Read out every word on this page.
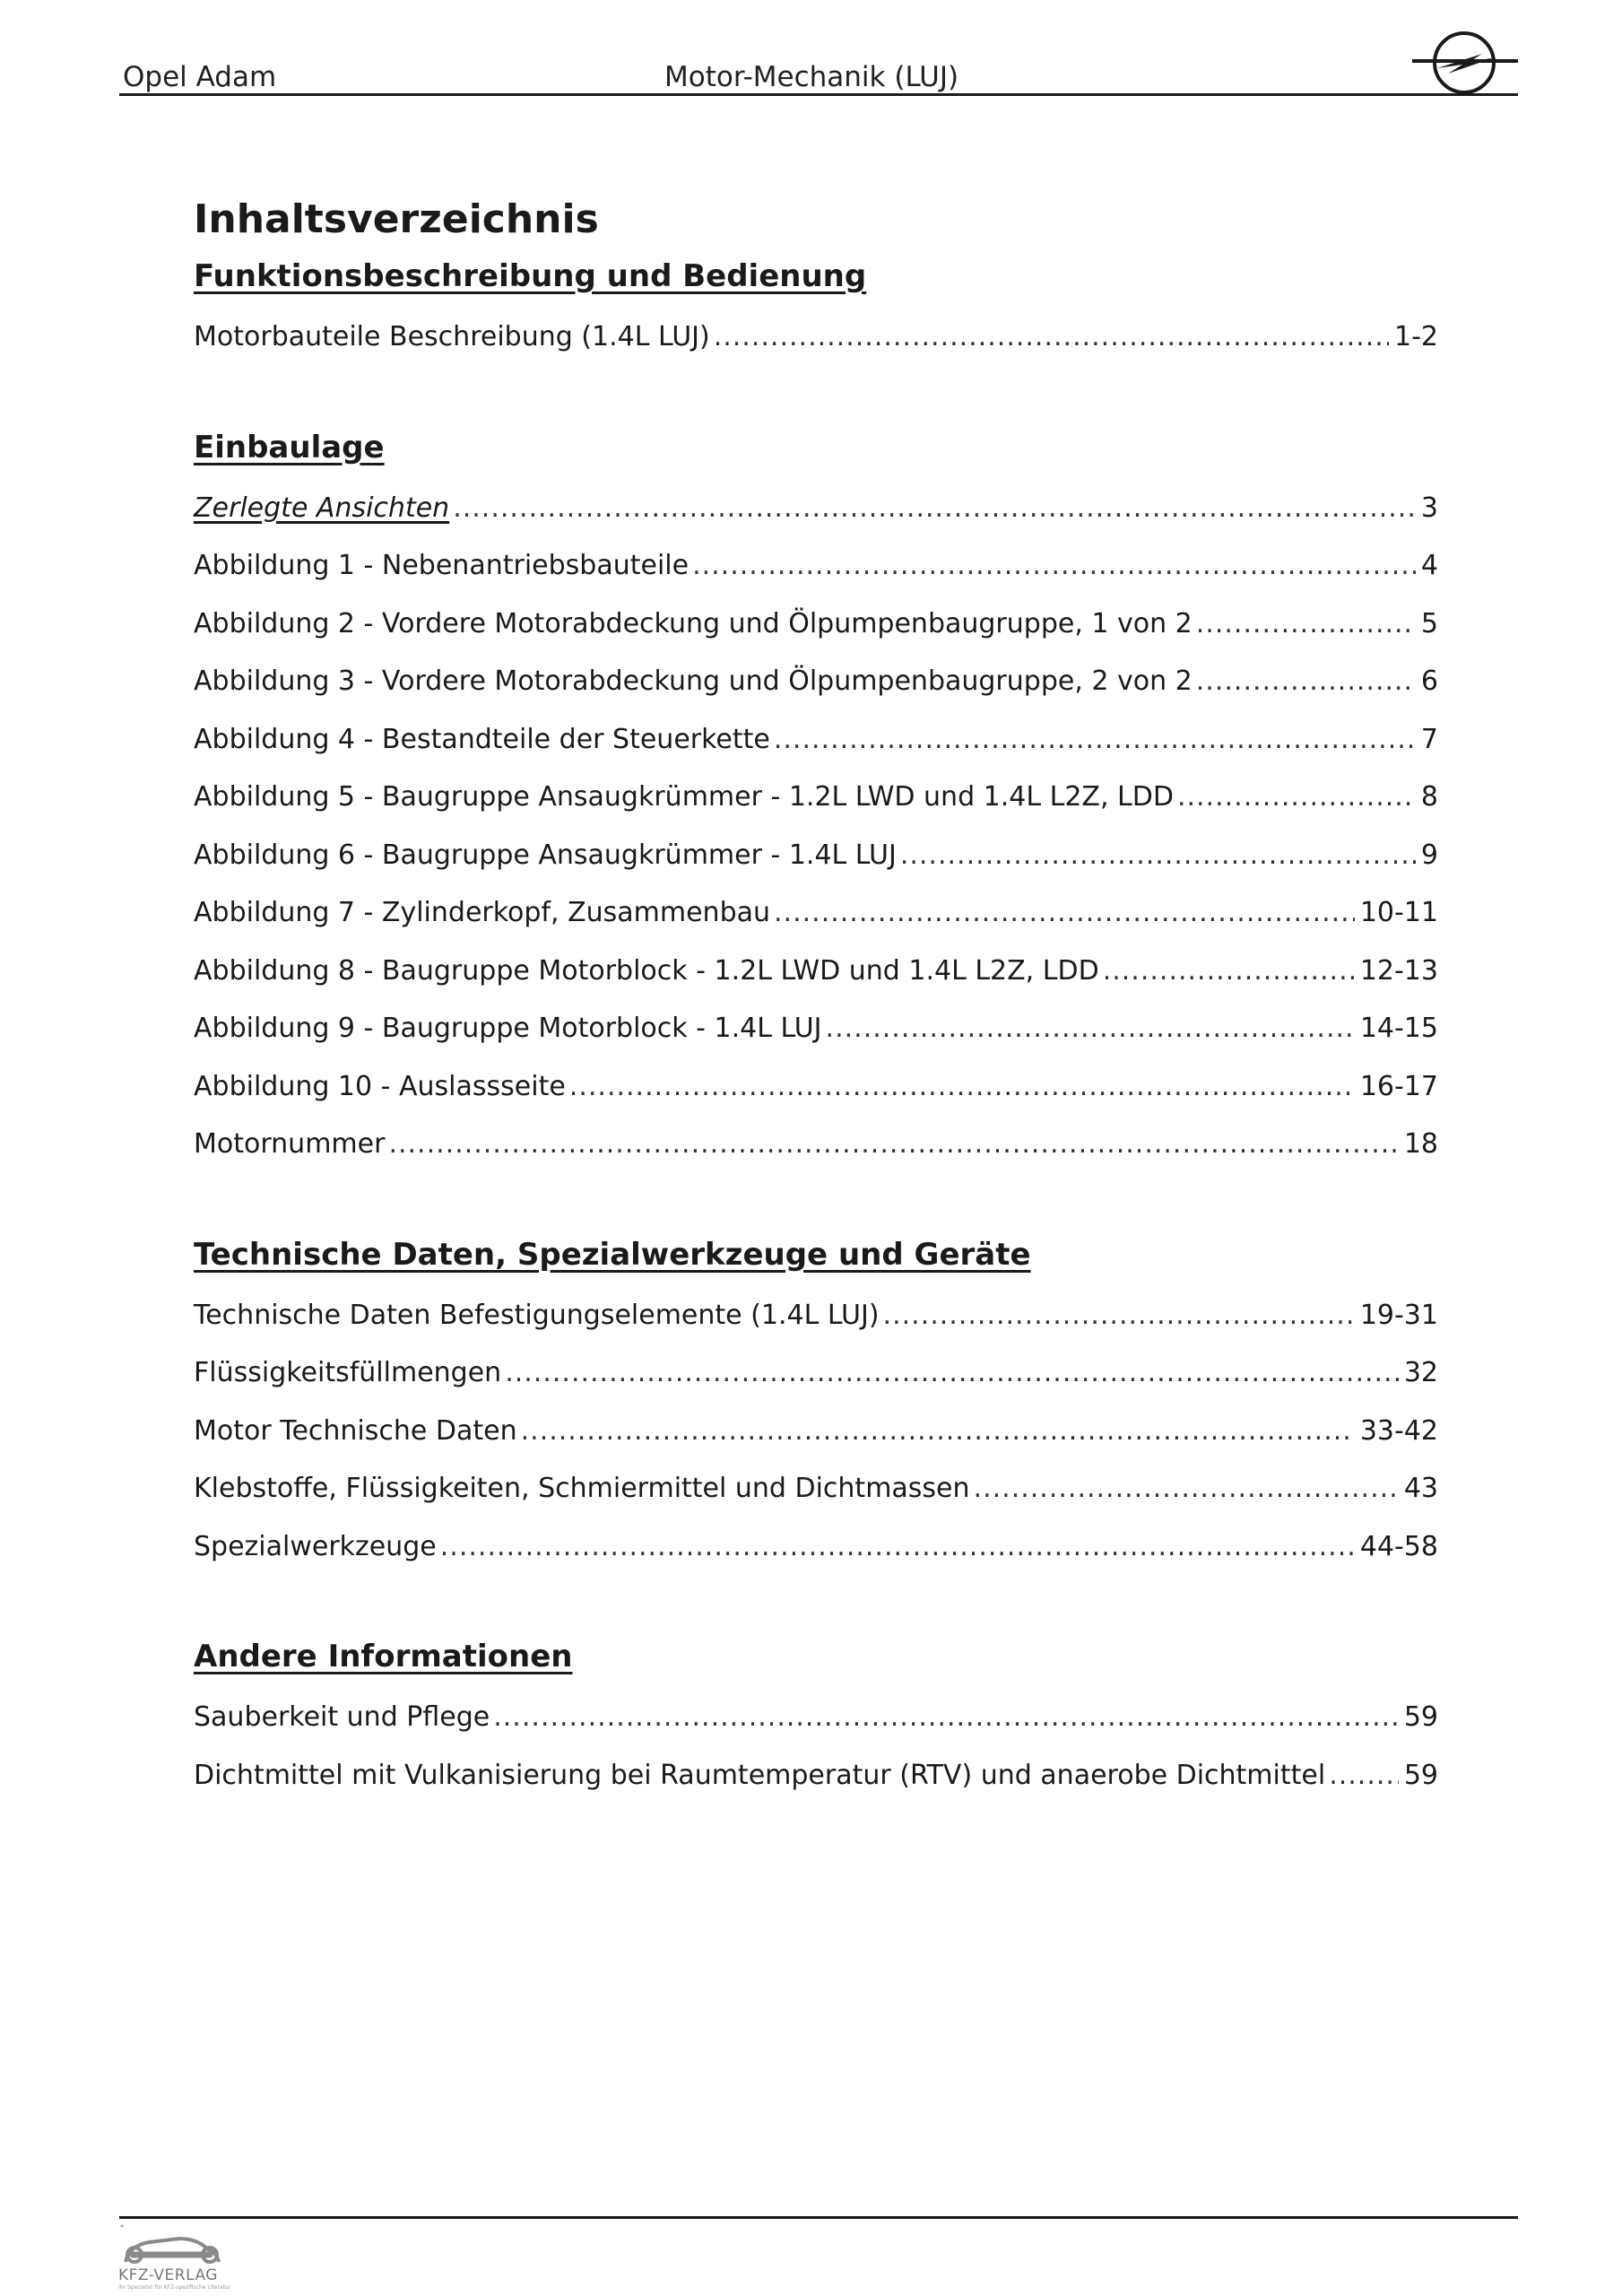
Opel Adam	Motor-Mechanik (LUJ)
Inhaltsverzeichnis
Funktionsbeschreibung und Bedienung
Motorbauteile Beschreibung (1.4L LUJ) .....	1-2
Einbaulage
Zerlegte Ansichten .....	3
Abbildung 1 - Nebenantriebsbauteile .....	4
Abbildung 2 - Vordere Motorabdeckung und Ölpumpenbaugruppe, 1 von 2 .....	5
Abbildung 3 - Vordere Motorabdeckung und Ölpumpenbaugruppe, 2 von 2 .....	6
Abbildung 4 - Bestandteile der Steuerkette .....	7
Abbildung 5 - Baugruppe Ansaugkrümmer - 1.2L LWD und 1.4L L2Z, LDD .....	8
Abbildung 6 - Baugruppe Ansaugkrümmer - 1.4L LUJ .....	9
Abbildung 7 - Zylinderkopf, Zusammenbau .....	10-11
Abbildung 8 - Baugruppe Motorblock - 1.2L LWD und 1.4L L2Z, LDD .....	12-13
Abbildung 9 - Baugruppe Motorblock - 1.4L LUJ .....	14-15
Abbildung 10 - Auslassseite .....	16-17
Motornummer .....	18
Technische Daten, Spezialwerkzeuge und Geräte
Technische Daten Befestigungselemente (1.4L LUJ) .....	19-31
Flüssigkeitsfüllmengen .....	32
Motor Technische Daten .....	33-42
Klebstoffe, Flüssigkeiten, Schmiermittel und Dichtmassen .....	43
Spezialwerkzeuge .....	44-58
Andere Informationen
Sauberkeit und Pflege .....	59
Dichtmittel mit Vulkanisierung bei Raumtemperatur (RTV) und anaerobe Dichtmittel .....	59
KFZ-VERLAG
Ihr Spezialist für KFZ-spezifische Literatur
